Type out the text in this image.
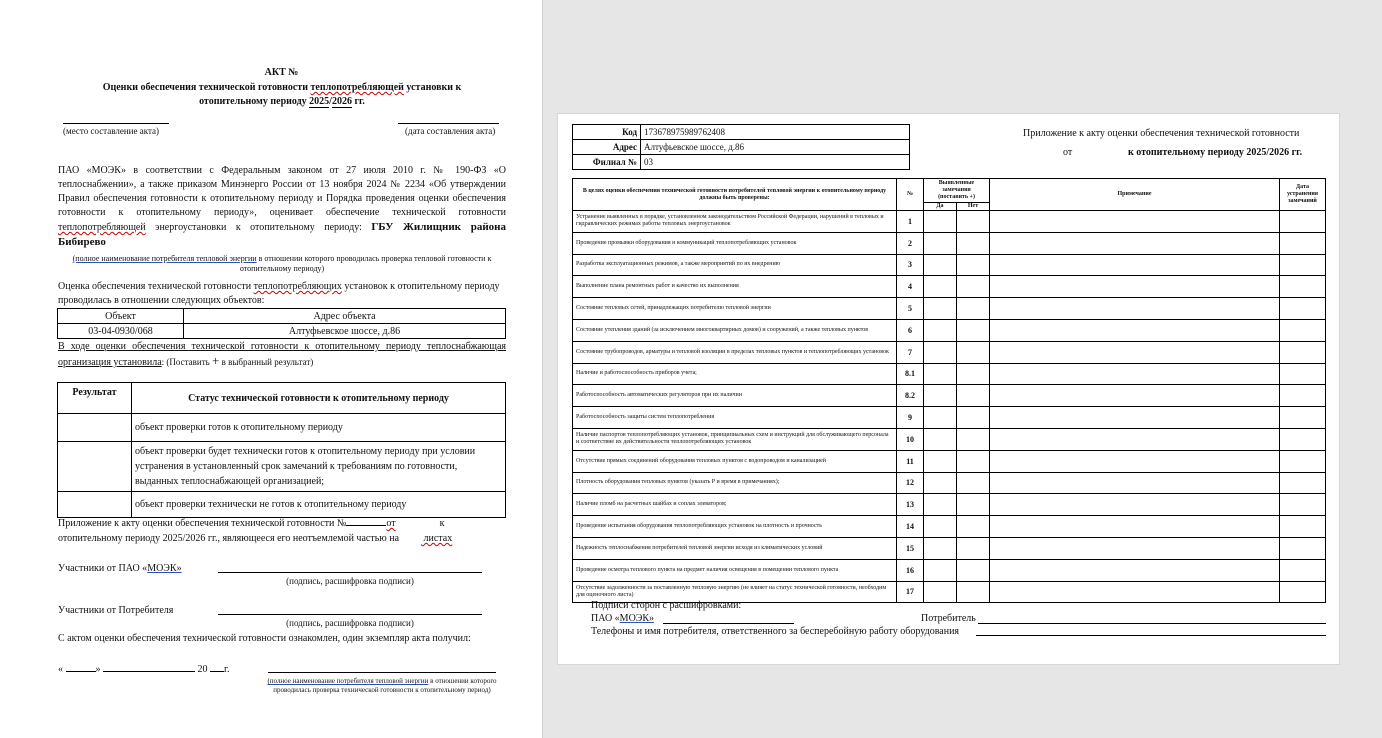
АКТ №
Оценки обеспечения технической готовности теплопотребляющей установки к
отопительному периоду 2025/2026 гг.
(место составление акта)	(дата составления акта)
ПАО «МОЭК» в соответствии с Федеральным законом от 27 июля 2010 г. № 190-ФЗ «О теплоснабжении», а также приказом Минэнерго России от 13 ноября 2024 № 2234 «Об утверждении Правил обеспечения готовности к отопительному периоду и Порядка проведения оценки обеспечения готовности к отопительному периоду», оценивает обеспечение технической готовности теплопотребляющей энергоустановки к отопительному периоду: ГБУ Жилищник района Бибирево
(полное наименование потребителя тепловой энергии в отношении которого проводилась проверка тепловой готовности к отопительному периоду)
Оценка обеспечения технической готовности теплопотребляющих установок к отопительному периоду проводилась в отношении следующих объектов:
Объект	Адрес объекта
03-04-0930/068	Алтуфьевское шоссе, д.86
В ходе оценки обеспечения технической готовности к отопительному периоду теплоснабжающая организация установила: (Поставить + в выбранный результат)
Результат	Статус технической готовности к отопительному периоду
	объект проверки готов к отопительному периоду
	объект проверки будет технически готов к отопительному периоду при условии устранения в установленный срок замечаний к требованиям по готовности, выданных теплоснабжающей организацией;
	объект проверки технически не готов к отопительному периоду
Приложение к акту оценки обеспечения технической готовности №	от	к
отопительному периоду 2025/2026 гг., являющееся его неотъемлемой частью на листах
Участники от ПАО «МОЭК»
(подпись, расшифровка подписи)
Участники от Потребителя
(подпись, расшифровка подписи)
С актом оценки обеспечения технической готовности ознакомлен, один экземпляр акта получил:
«	»	20 г.
(полное наименование потребителя тепловой энергии в отношении которого проводилась проверка технической готовности к отопительному период)
Код	173678975989762408
Адрес	Алтуфьевское шоссе, д.86
Филиал №	03
Приложение к акту оценки обеспечения технической готовности
от	к отопительному периоду 2025/2026 гг.
В целях оценки обеспечения технической готовности потребителей тепловой энергии к отопительному периоду должны быть проверены:	№	Выявленные замечания (поставить +)		Примечание	Дата устранения замечаний
		Да	Нет		
Устранение выявленных в порядке, установленном законодательством Российской Федерации, нарушений в тепловых и гидравлических режимах работы тепловых энергоустановок	1				
Проведение промывки оборудования и коммуникаций теплопотребляющих установок	2				
Разработка эксплуатационных режимов, а также мероприятий по их внедрению	3				
Выполнение плана ремонтных работ и качество их выполнения	4				
Состояние тепловых сетей, принадлежащих потребителю тепловой энергии	5				
Состояние утепления зданий (за исключением многоквартирных домов) и сооружений, а также тепловых пунктов	6				
Состояние трубопроводов, арматуры и тепловой изоляции в пределах тепловых пунктов и теплопотребляющих установок	7				
Наличие и работоспособность приборов учета;	8.1				
Работоспособность автоматических регуляторов при их наличии	8.2				
Работоспособность защиты систем теплопотребления	9				
Наличие паспортов теплопотребляющих установок, принципиальных схем и инструкций для обслуживающего персонала и соответствие их действительности теплопотребляющих установок	10				
Отсутствие прямых соединений оборудования тепловых пунктов с водопроводом и канализацией	11				
Плотность оборудования тепловых пунктов (указать Р и время в примечаниях);	12				
Наличие пломб на расчетных шайбах и соплах элеваторов;	13				
Проведение испытания оборудования теплопотребляющих установок на плотность и прочность	14				
Надежность теплоснабжения потребителей тепловой энергии исходя из климатических условий	15				
Проведение осмотра теплового пункта на предмет наличия освещения в помещении теплового пункта	16				
Отсутствие задолженности за поставленную тепловую энергию (не влияет на статус технической готовности, необходим для оценочного листа)	17				
Подписи сторон с расшифровками:
ПАО «МОЭК»	Потребитель
Телефоны и имя потребителя, ответственного за бесперебойную работу оборудования
